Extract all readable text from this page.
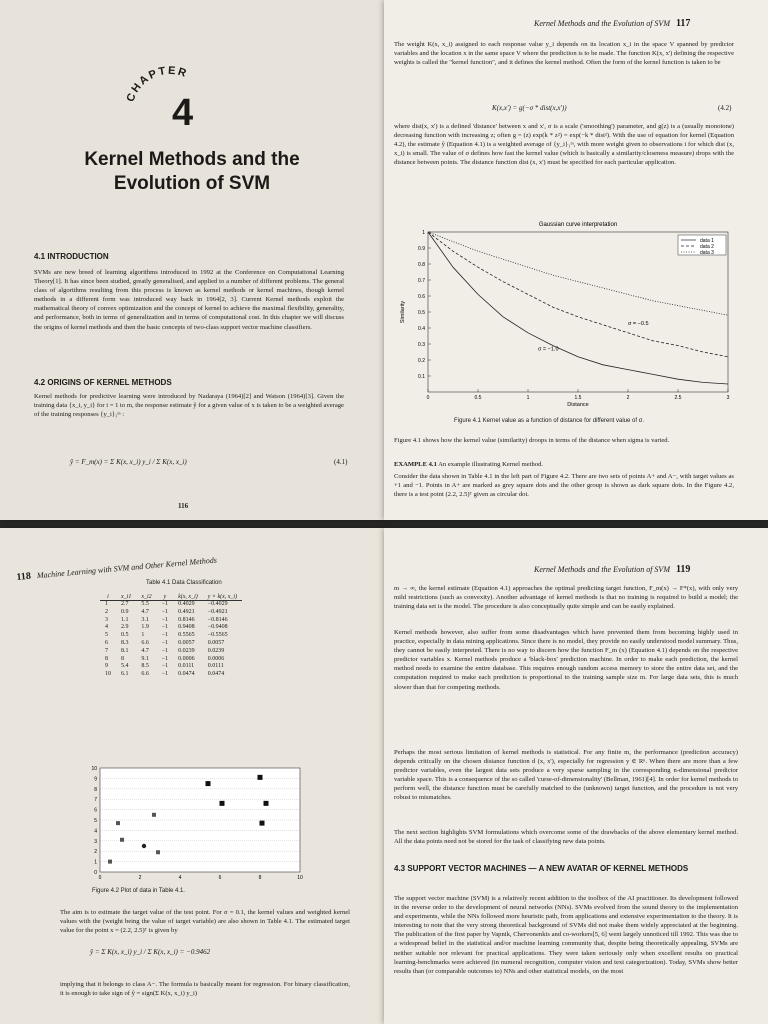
CHAPTER
4
Kernel Methods and the
Evolution of SVM
4.1 INTRODUCTION
SVMs are new breed of learning algorithms introduced in 1992 at the Conference on Computational Learning Theory[1]. It has since been studied, greatly generalised, and applied to a number of different problems. The general class of algorithms resulting from this process is known as kernel methods or kernel machines, though kernel methods in a different form was introduced way back in 1964[2, 3]. Current Kernel methods exploit the mathematical theory of convex optimization and the concept of kernel to achieve the maximal flexibility, generality, and performance, both in terms of generalization and in terms of computational cost. In this chapter we will discuss the origins of kernel methods and then the basic concepts of two-class support vector machine classifiers.
4.2 ORIGINS OF KERNEL METHODS
Kernel methods for predictive learning were introduced by Nadaraya (1964)[2] and Watson (1964)[3]. Given the training data {x_i, y_i} for i = 1 to m, the response estimate ŷ for a given value of x is taken to be a weighted average of the training responses {y_i}₁ᵐ :
ŷ = F_m(x) = Σ K(x, x_i) y_i / Σ K(x, x_i)	(4.1)
116
Kernel Methods and the Evolution of SVM 117
The weight K(x, x_i) assigned to each response value y_i depends on its location x_i in the space V spanned by predictor variables and the location x in the same space V where the prediction is to be made. The function K(x, x') defining the respective weights is called the "kernel function", and it defines the kernel method. Often the form of the kernel function is taken to be
K(x,x') = g(−σ * dist(x,x'))	(4.2)
where dist(x, x') is a defined 'distance' between x and x', σ is a scale ('smoothing') parameter, and g(z) is a (usually monotone) decreasing function with increasing z; often g = (z) exp(k * z²) = exp(−k * dist²). With the use of equation for kernel (Equation 4.2), the estimate ŷ (Equation 4.1) is a weighted average of {y_i}₁ᵐ, with more weight given to observations i for which dist (x, x_i) is small. The value of σ defines how fast the kernel value (which is basically a similarity/closeness measure) drops with the distance between points. The distance function dist (x, x') must be specified for each particular application.
Gaussian curve interpretation
0	0.5	1	1.5	2	2.5	3
0.1
0.2
0.3
0.4
0.5
0.6
0.7
0.8
0.9
1
Distance
Similarity
data 1
data 2
data 3
σ = −0.5
σ = −1.0
Figure 4.1 Kernel value as a function of distance for different value of σ.
Figure 4.1 shows how the kernel value (similarity) droops in terms of the distance when sigma is varied.
EXAMPLE 4.1 An example illustrating Kernel method.
Consider the data shown in Table 4.1 in the left part of Figure 4.2. There are two sets of points A+ and A−, with target values as +1 and −1. Points in A+ are marked as grey square dots and the other group is shown as dark square dots. In the Figure 4.2, there is a test point (2.2, 2.5)ᵀ given as circular dot.
118 Machine Learning with SVM and Other Kernel Methods
Table 4.1 Data Classification
i	x_i1	x_i2	y	k(x, x_i)	y × k(x, x_i)
1	2.7	5.5	−1	0.4029	−0.4029
2	0.9	4.7	−1	0.4921	−0.4921
3	1.1	3.1	−1	0.8146	−0.8146
4	2.9	1.9	−1	0.9408	−0.9408
5	0.5	1	−1	0.5565	−0.5565
6	8.3	6.6	−1	0.0057	0.0057
7	8.1	4.7	−1	0.0239	0.0239
8	8	9.1	−1	0.0006	0.0006
9	5.4	8.5	−1	0.0111	0.0111
10	6.1	6.6	−1	0.0474	0.0474
0
1
2
3
4
5
6
7
8
9
10
0	2	4	6	8	10
Figure 4.2 Plot of data in Table 4.1.
The aim is to estimate the target value of the test point. For σ = 0.1, the kernel values and weighted kernel values with the (weight being the value of target variable) are also shown in Table 4.1. The estimated target value for the point x = (2.2, 2.5)ᵀ is given by
ŷ = Σ K(x, x_i) y_i / Σ K(x, x_i) = −0.9462
implying that it belongs to class A−. The formula is basically meant for regression. For binary classification, it is enough to take sign of ŷ = sign(Σ K(x, x_i) y_i)
Kernel Methods and the Evolution of SVM 119
m → ∞, the kernel estimate (Equation 4.1) approaches the optimal predicting target function, F_m(x) → F*(x), with only very mild restrictions (such as convexity). Another advantage of kernel methods is that no training is required to build a model; the training data set is the model. The procedure is also conceptually quite simple and can be easily explained.
Kernel methods however, also suffer from some disadvantages which have prevented them from becoming highly used in practice, especially in data mining applications. Since there is no model, they provide no easily understood model summary. Thus, they cannot be easily interpreted. There is no way to discern how the function F_m (x) (Equation 4.1) depends on the respective predictor variables x. Kernel methods produce a 'black-box' prediction machine. In order to make each prediction, the kernel method needs to examine the entire database. This requires enough random access memory to store the entire data set, and the computation required to make each prediction is proportional to the training sample size m. For large data sets, this is much slower than that for competing methods.
Perhaps the most serious limitation of kernel methods is statistical. For any finite m, the performance (prediction accuracy) depends critically on the chosen distance function d (x, x'), especially for regression y ∈ Rⁿ. When there are more than a few predictor variables, even the largest data sets produce a very sparse sampling in the corresponding n-dimensional predictor variable space. This is a consequence of the so called 'curse-of-dimensionality' (Bellman, 1961)[4]. In order for kernel methods to perform well, the distance function must be carefully matched to the (unknown) target function, and the procedure is not very robust to mismatches.
The next section highlights SVM formulations which overcome some of the drawbacks of the above elementary kernel method. All the data points need not be stored for the task of classifying new data points.
4.3 SUPPORT VECTOR MACHINES — A NEW AVATAR OF KERNEL METHODS
The support vector machine (SVM) is a relatively recent addition to the toolbox of the AI practitioner. Its development followed in the reverse order to the development of neural networks (NNs). SVMs evolved from the sound theory to the implementation and experiments, while the NNs followed more heuristic path, from applications and extensive experimentation to the theory. It is interesting to note that the very strong theoretical background of SVMs did not make them widely appreciated at the beginning. The publication of the first paper by Vapnik, Chervonenkis and co-workers[5, 6] went largely unnoticed till 1992. This was due to a widespread belief in the statistical and/or machine learning community that, despite being theoretically appealing, SVMs are neither suitable nor relevant for practical applications. They were taken seriously only when excellent results on practical learning-benchmarks were achieved (in numeral recognition, computer vision and text categorization). Today, SVMs show better results than (or comparable outcomes to) NNs and other statistical models, on the most
